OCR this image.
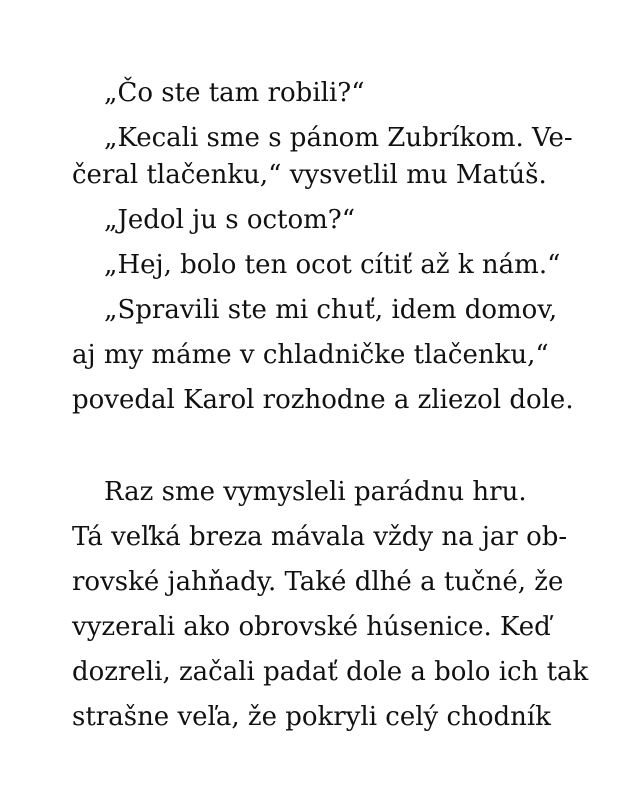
„Čo ste tam robili?“

„Kecali sme s pánom Zubríkom. Ve-

čeral tlačenku,“ vysvetlil mu Matúš.

„Jedol ju s octom?“

„Hej, bolo ten ocot cítiť až k nám.“

„Spravili ste mi chuť, idem domov,

aj my máme v chladničke tlačenku,“

povedal Karol rozhodne a zliezol dole.

Raz sme vymysleli parádnu hru.

Tá veľká breza mávala vždy na jar ob-

rovské jahňady. Také dlhé a tučné, že

vyzerali ako obrovské húsenice. Keď

dozreli, začali padať dole a bolo ich tak

strašne veľa, že pokryli celý chodník
